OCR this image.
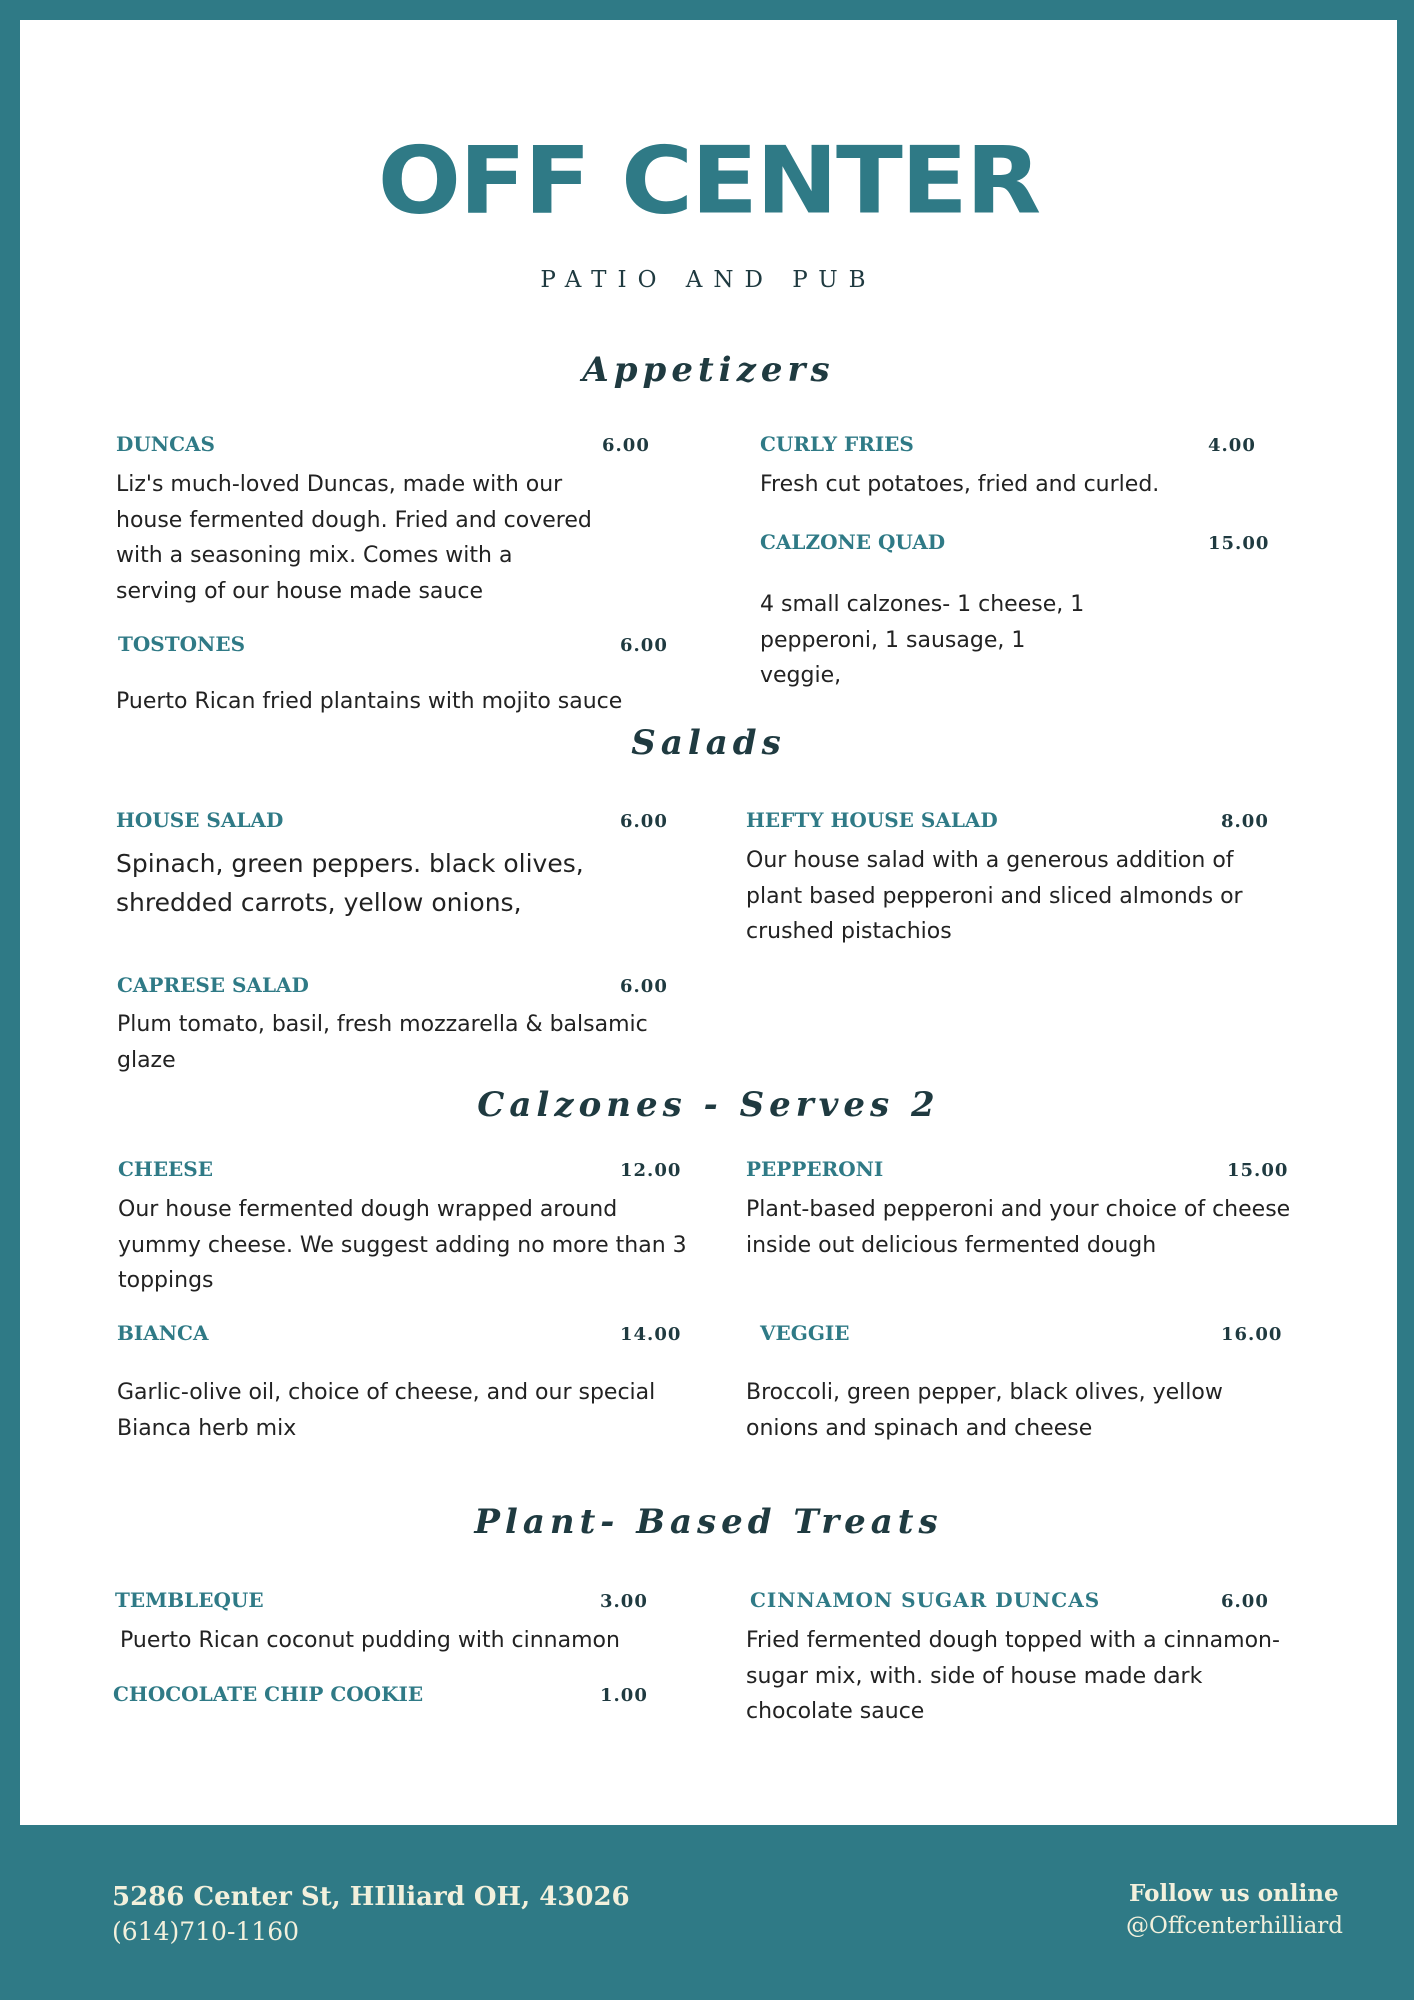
OFF CENTER
PATIO AND PUB
Appetizers
DUNCAS	6.00
Liz's much-loved Duncas, made with our house fermented dough. Fried and covered with a seasoning mix. Comes with a serving of our house made sauce
TOSTONES	6.00
Puerto Rican fried plantains with mojito sauce
CURLY FRIES	4.00
Fresh cut potatoes, fried and curled.
CALZONE QUAD	15.00
4 small calzones- 1 cheese, 1 pepperoni, 1 sausage, 1 veggie,
Salads
HOUSE SALAD	6.00
Spinach, green peppers. black olives, shredded carrots, yellow onions,
CAPRESE SALAD	6.00
Plum tomato, basil, fresh mozzarella & balsamic glaze
HEFTY HOUSE SALAD	8.00
Our house salad with a generous addition of plant based pepperoni and sliced almonds or crushed pistachios
Calzones - Serves 2
CHEESE	12.00
Our house fermented dough wrapped around yummy cheese. We suggest adding no more than 3 toppings
PEPPERONI	15.00
Plant-based pepperoni and your choice of cheese inside out delicious fermented dough
BIANCA	14.00
Garlic-olive oil, choice of cheese, and our special Bianca herb mix
VEGGIE	16.00
Broccoli, green pepper, black olives, yellow onions and spinach and cheese
Plant- Based Treats
TEMBLEQUE	3.00
Puerto Rican coconut pudding with cinnamon
CHOCOLATE CHIP COOKIE	1.00
CINNAMON SUGAR DUNCAS	6.00
Fried fermented dough topped with a cinnamon-sugar mix, with. side of house made dark chocolate sauce
5286 Center St, HIlliard OH, 43026
(614)710-1160
Follow us online
@Offcenterhilliard
